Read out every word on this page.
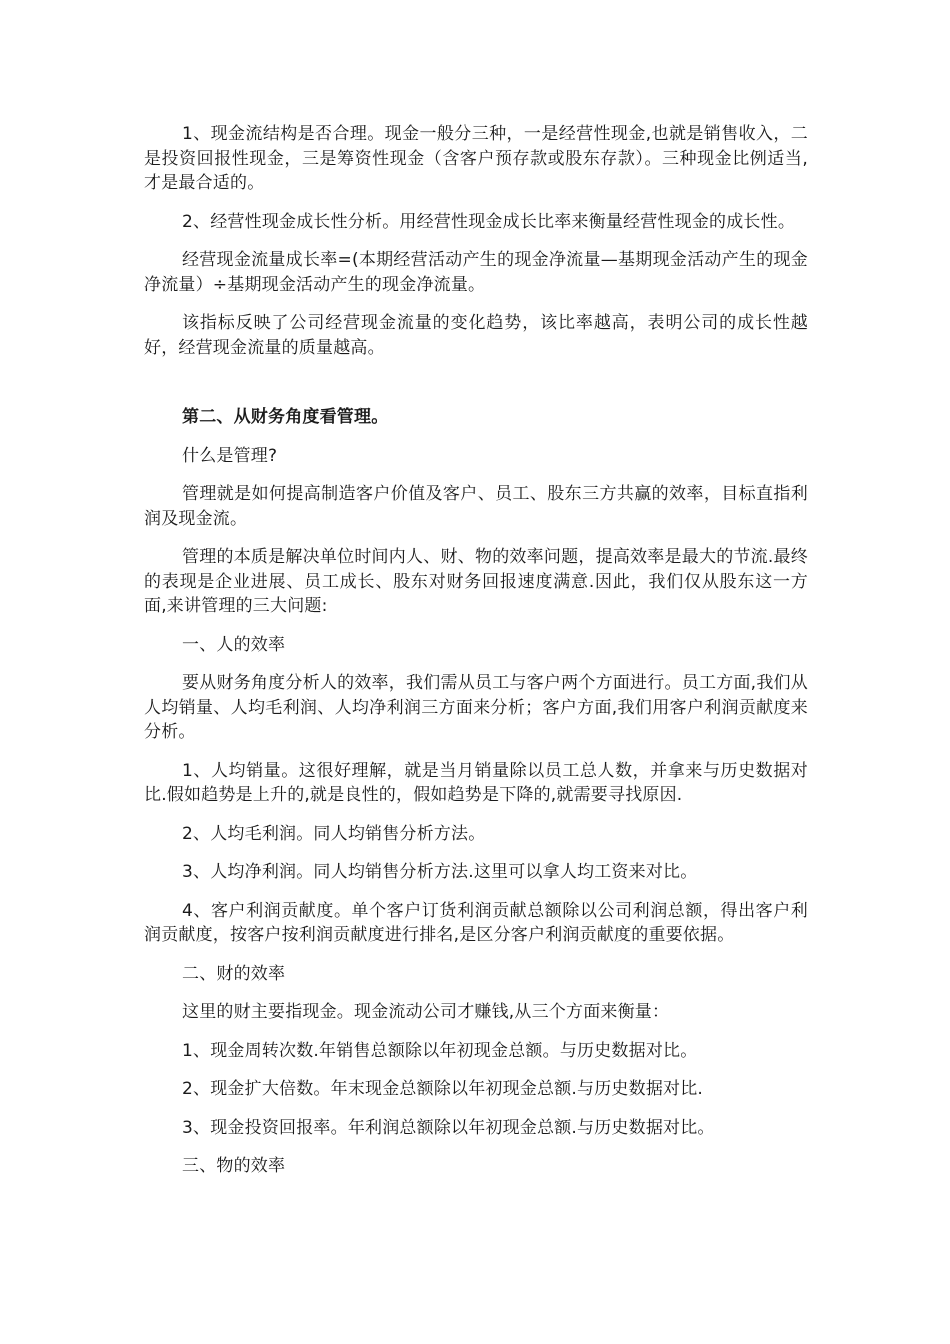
1、现金流结构是否合理。现金一般分三种，一是经营性现金,也就是销售收入，二是投资回报性现金，三是筹资性现金（含客户预存款或股东存款）。三种现金比例适当,才是最合适的。

2、经营性现金成长性分析。用经营性现金成长比率来衡量经营性现金的成长性。

经营现金流量成长率=(本期经营活动产生的现金净流量—基期现金活动产生的现金净流量）÷基期现金活动产生的现金净流量。

该指标反映了公司经营现金流量的变化趋势，该比率越高，表明公司的成长性越好，经营现金流量的质量越高。

第二、从财务角度看管理。

什么是管理?

管理就是如何提高制造客户价值及客户、员工、股东三方共赢的效率，目标直指利润及现金流。

管理的本质是解决单位时间内人、财、物的效率问题，提高效率是最大的节流.最终的表现是企业进展、员工成长、股东对财务回报速度满意.因此，我们仅从股东这一方面,来讲管理的三大问题:

一、人的效率

要从财务角度分析人的效率，我们需从员工与客户两个方面进行。员工方面,我们从人均销量、人均毛利润、人均净利润三方面来分析；客户方面,我们用客户利润贡献度来分析。

1、人均销量。这很好理解，就是当月销量除以员工总人数，并拿来与历史数据对比.假如趋势是上升的,就是良性的，假如趋势是下降的,就需要寻找原因.

2、人均毛利润。同人均销售分析方法。

3、人均净利润。同人均销售分析方法.这里可以拿人均工资来对比。

4、客户利润贡献度。单个客户订货利润贡献总额除以公司利润总额，得出客户利润贡献度，按客户按利润贡献度进行排名,是区分客户利润贡献度的重要依据。

二、财的效率

这里的财主要指现金。现金流动公司才赚钱,从三个方面来衡量：

1、现金周转次数.年销售总额除以年初现金总额。与历史数据对比。

2、现金扩大倍数。年末现金总额除以年初现金总额.与历史数据对比.

3、现金投资回报率。年利润总额除以年初现金总额.与历史数据对比。

三、物的效率
